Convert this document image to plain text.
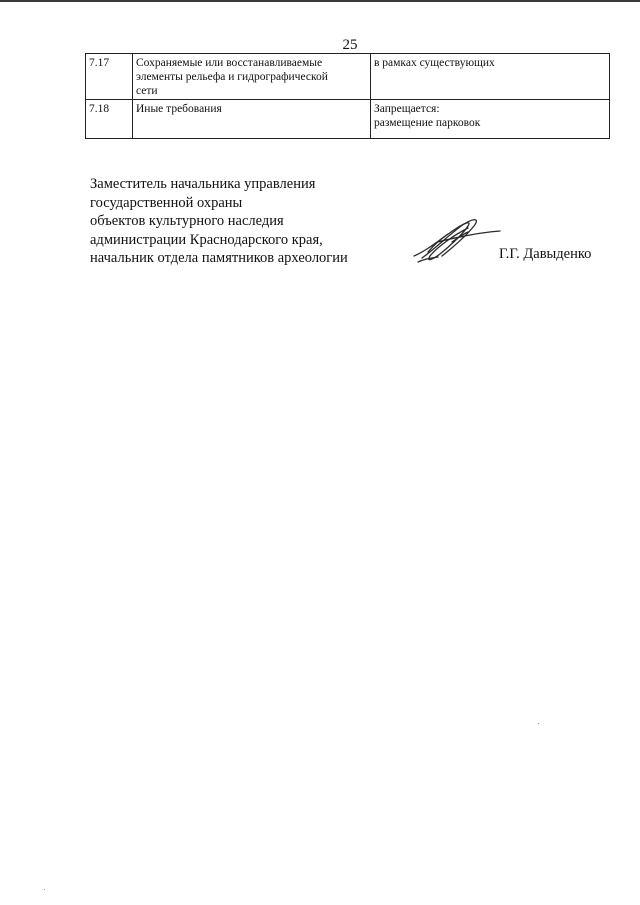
25
7.17	Сохраняемые или восстанавливаемые
элементы рельефа и гидрографической
сети	в рамках существующих

7.18	Иные требования	Запрещается:
размещение парковок
Заместитель начальника управления
государственной охраны
объектов культурного наследия
администрации Краснодарского края,
начальник отдела памятников археологии	Г.Г. Давыденко
